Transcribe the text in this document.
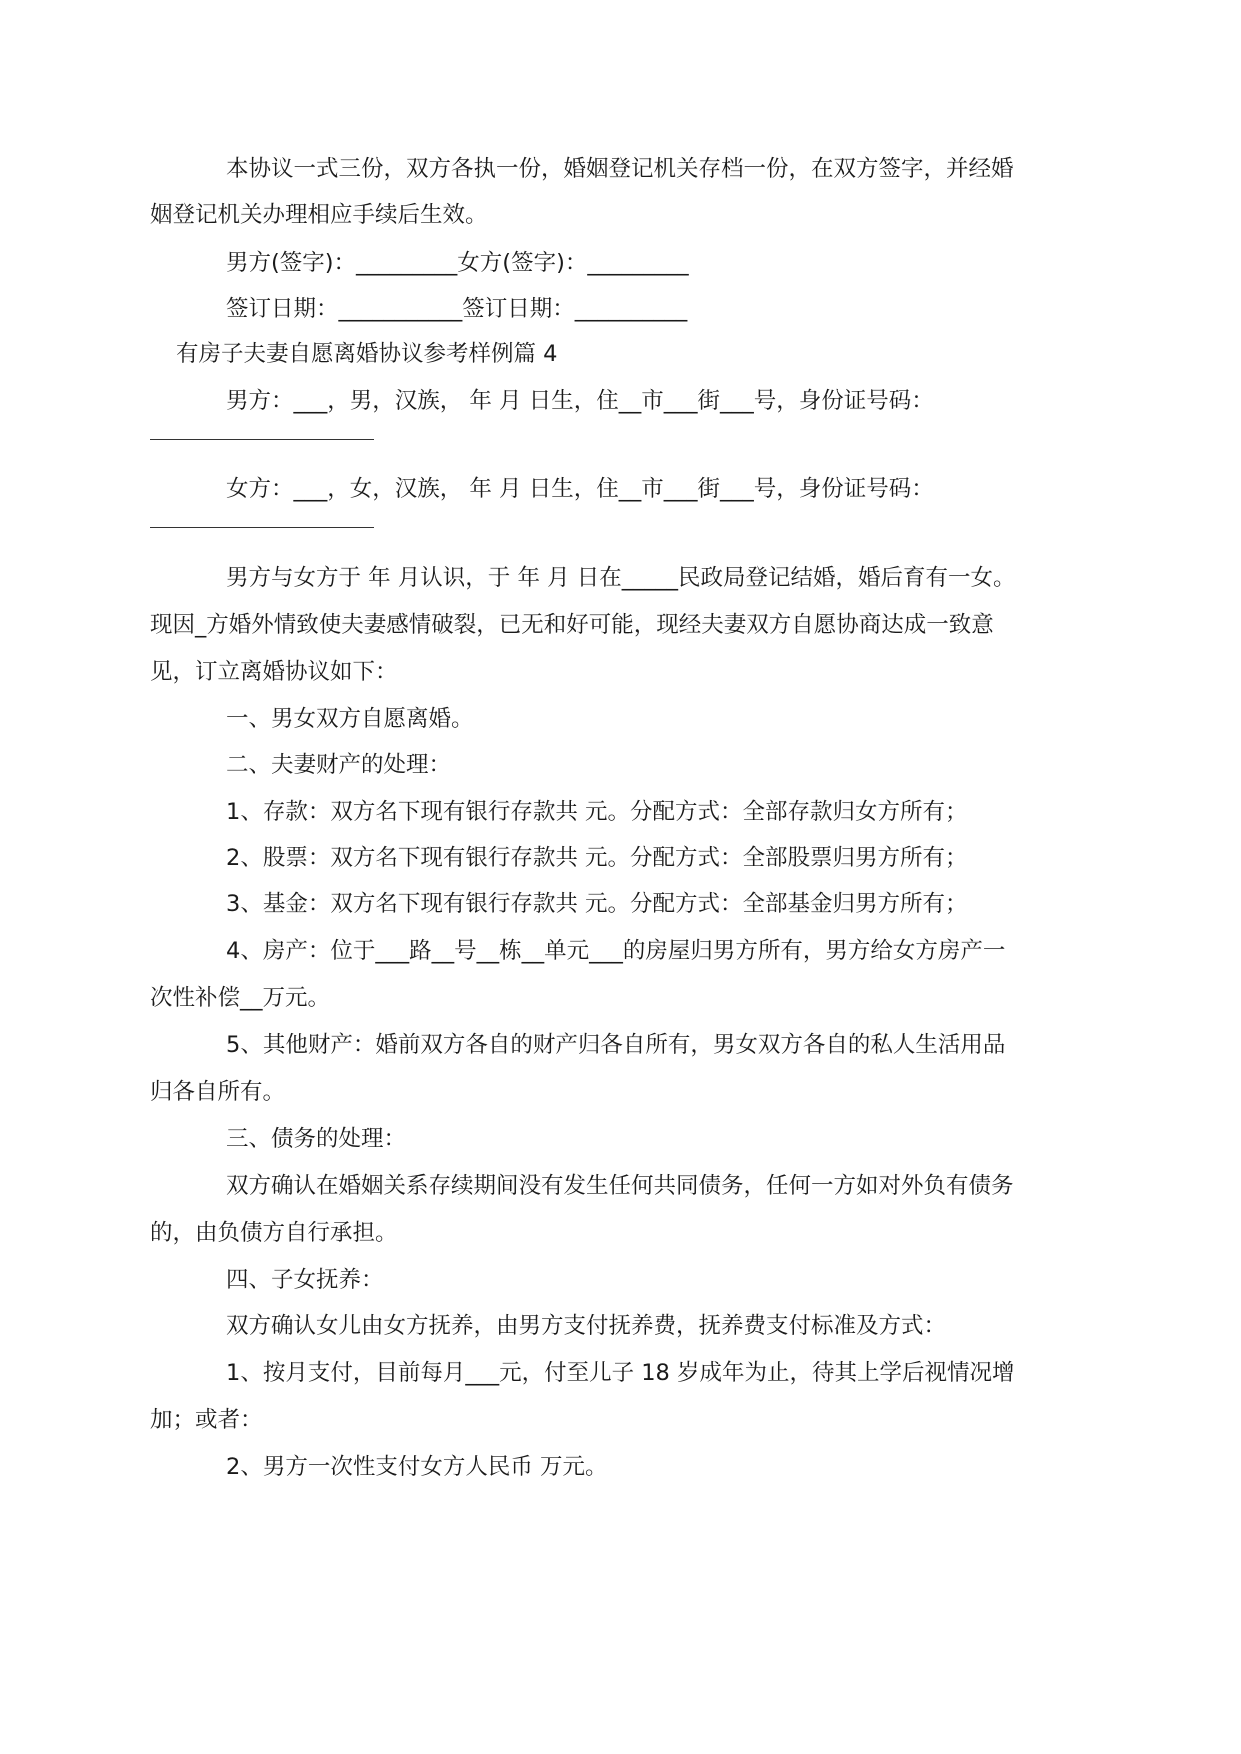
本协议一式三份，双方各执一份，婚姻登记机关存档一份，在双方签字，并经婚
姻登记机关办理相应手续后生效。
男方(签字)：_________女方(签字)：_________
签订日期：___________签订日期：__________
有房子夫妻自愿离婚协议参考样例篇 4
男方：___，男，汉族， 年 月 日生，住__市___街___号，身份证号码：
女方：___，女，汉族， 年 月 日生，住__市___街___号，身份证号码：
男方与女方于 年 月认识，于 年 月 日在_____民政局登记结婚，婚后育有一女。
现因_方婚外情致使夫妻感情破裂，已无和好可能，现经夫妻双方自愿协商达成一致意
见，订立离婚协议如下：
一、男女双方自愿离婚。
二、夫妻财产的处理：
1、存款：双方名下现有银行存款共 元。分配方式：全部存款归女方所有；
2、股票：双方名下现有银行存款共 元。分配方式：全部股票归男方所有；
3、基金：双方名下现有银行存款共 元。分配方式：全部基金归男方所有；
4、房产：位于___路__号__栋__单元___的房屋归男方所有，男方给女方房产一
次性补偿__万元。
5、其他财产：婚前双方各自的财产归各自所有，男女双方各自的私人生活用品
归各自所有。
三、债务的处理：
双方确认在婚姻关系存续期间没有发生任何共同债务，任何一方如对外负有债务
的，由负债方自行承担。
四、子女抚养：
双方确认女儿由女方抚养，由男方支付抚养费，抚养费支付标准及方式：
1、按月支付，目前每月___元，付至儿子 18 岁成年为止，待其上学后视情况增
加；或者：
2、男方一次性支付女方人民币 万元。
